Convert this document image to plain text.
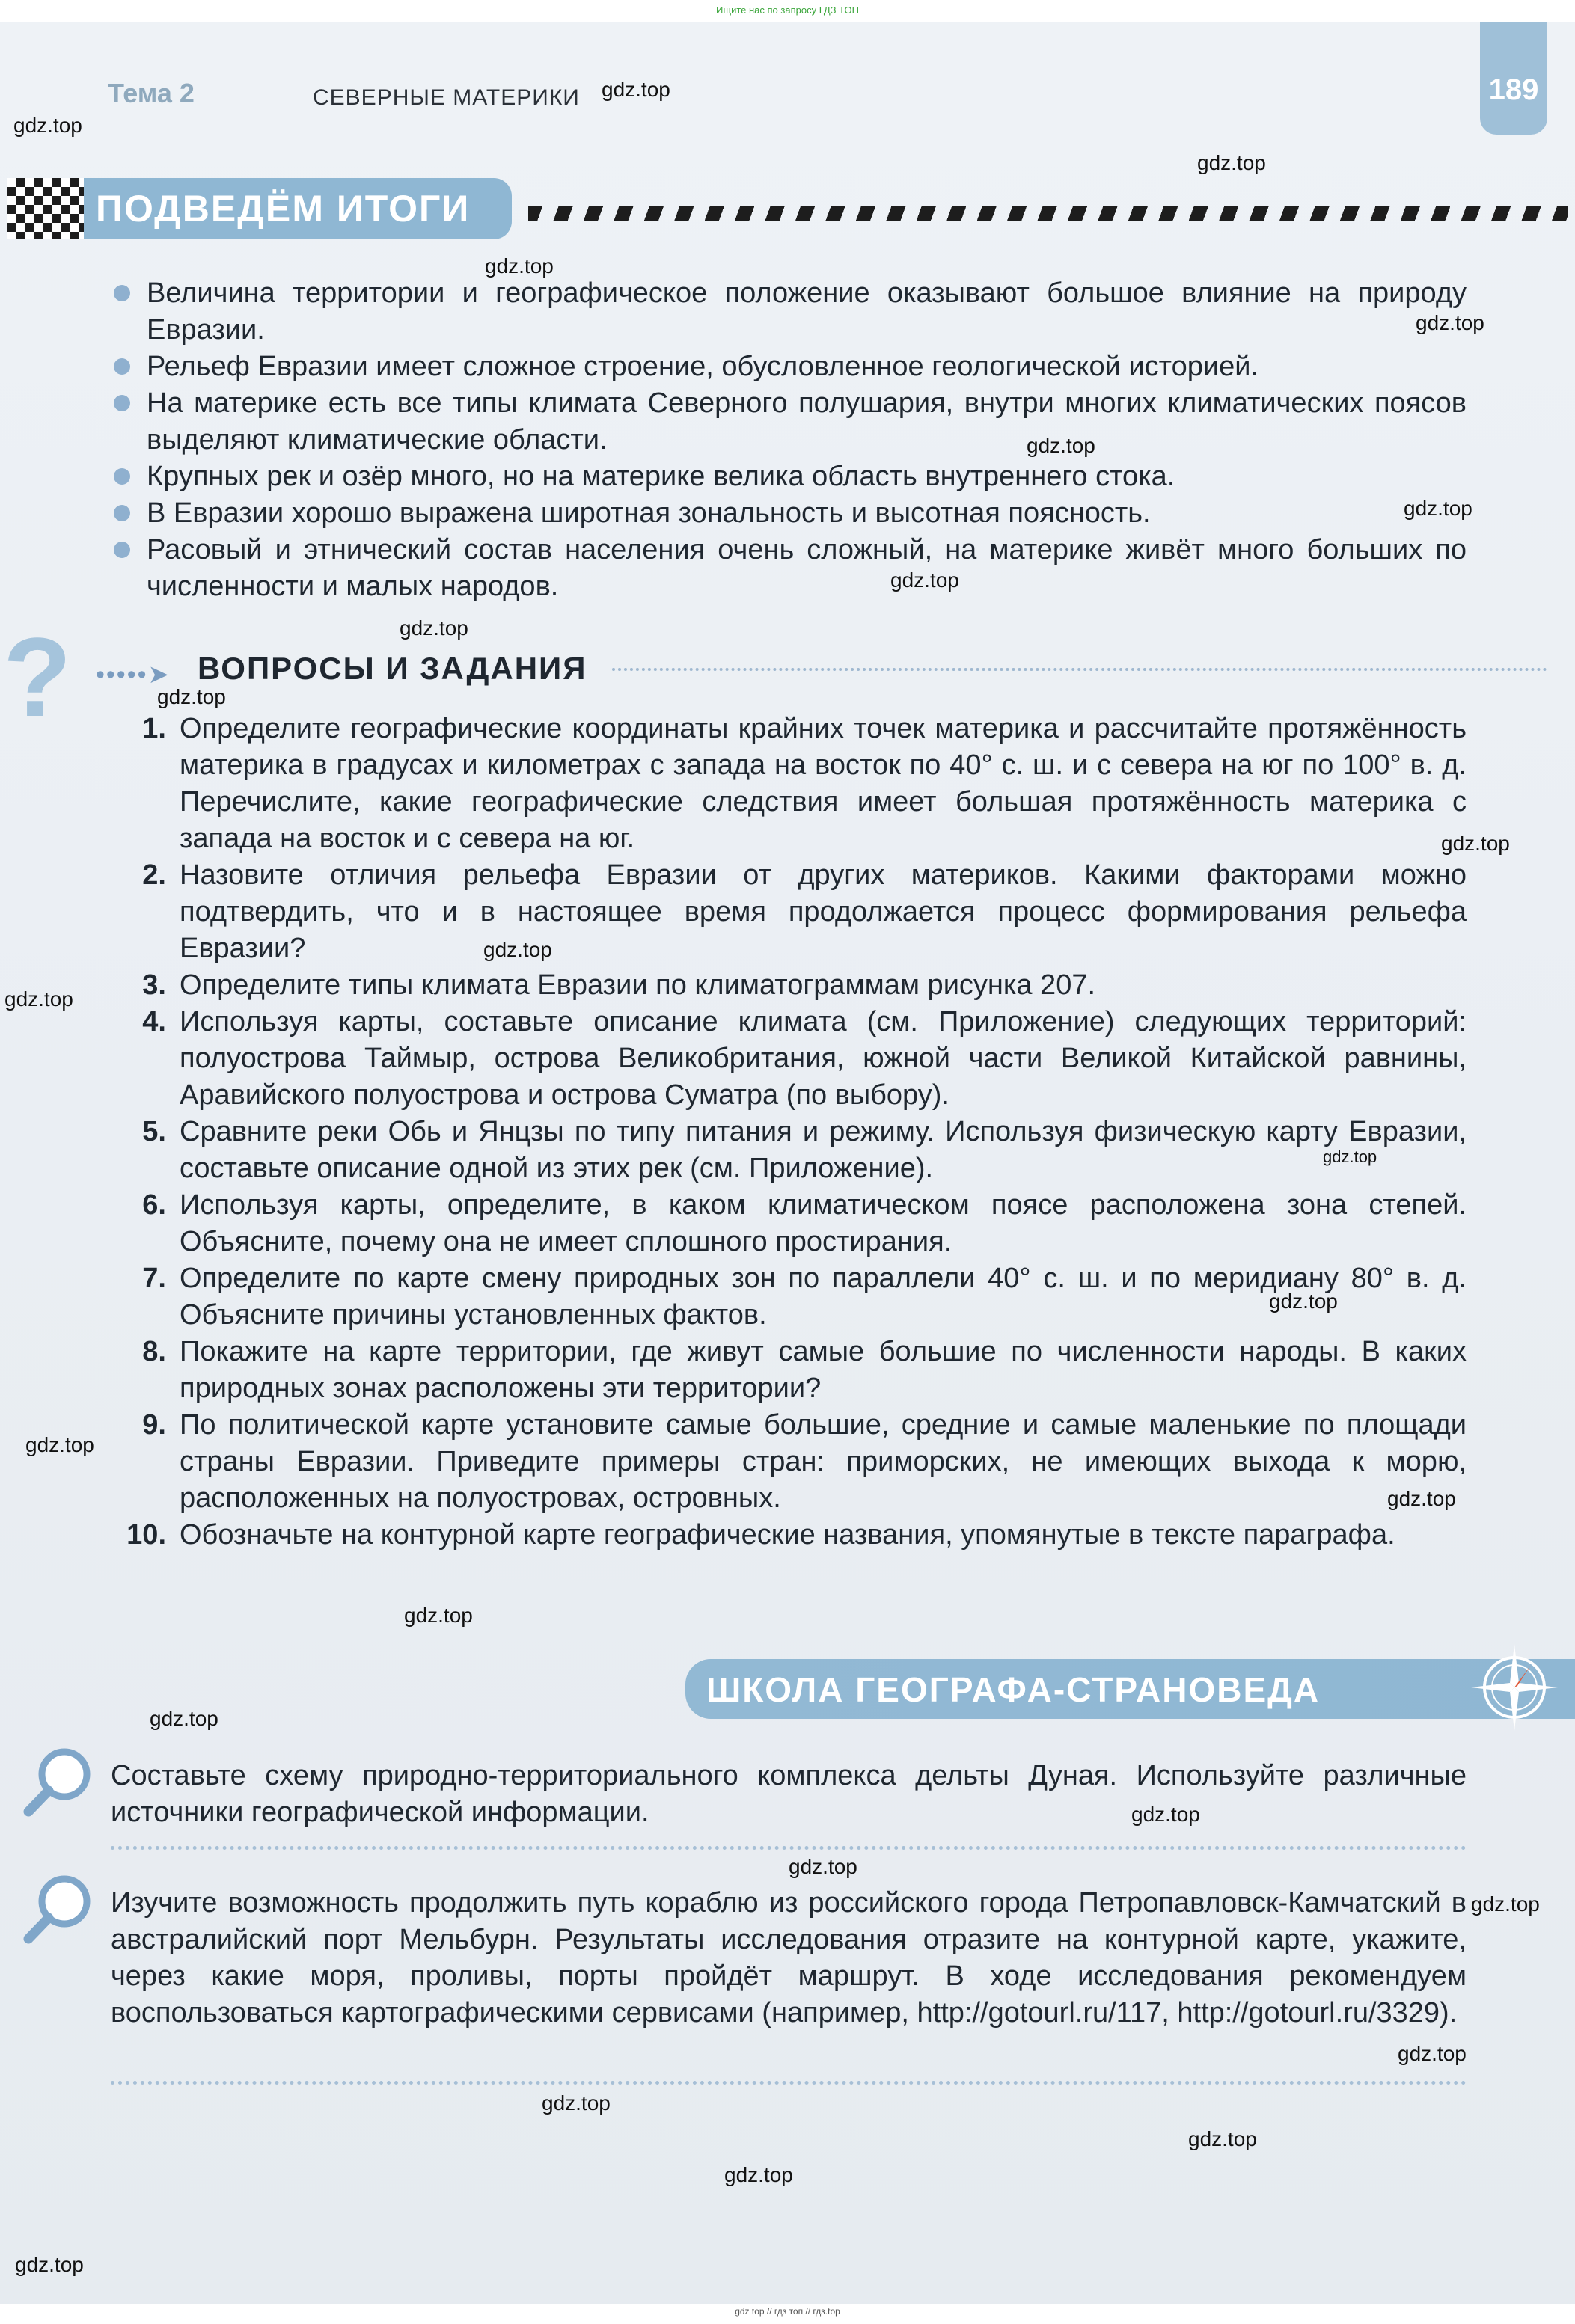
Ищите нас по запросу ГДЗ ТОП
189
Тема 2	СЕВЕРНЫЕ МАТЕРИКИ
ПОДВЕДЁМ ИТОГИ
Величина территории и географическое положение оказывают большое влияние на природу Евразии.
Рельеф Евразии имеет сложное строение, обусловленное геологической историей.
На материке есть все типы климата Северного полушария, внутри многих климатических поясов выделяют климатические области.
Крупных рек и озёр много, но на материке велика область внутреннего стока.
В Евразии хорошо выражена широтная зональность и высотная поясность.
Расовый и этнический состав населения очень сложный, на материке живёт много больших по численности и малых народов.
? •••••➤ ВОПРОСЫ И ЗАДАНИЯ
1. Определите географические координаты крайних точек материка и рассчитайте протяжённость материка в градусах и километрах с запада на восток по 40° с. ш. и с севера на юг по 100° в. д. Перечислите, какие географические следствия имеет большая протяжённость материка с запада на восток и с севера на юг.
2. Назовите отличия рельефа Евразии от других материков. Какими факторами можно подтвердить, что и в настоящее время продолжается процесс формирования рельефа Евразии?
3. Определите типы климата Евразии по климатограммам рисунка 207.
4. Используя карты, составьте описание климата (см. Приложение) следующих территорий: полуострова Таймыр, острова Великобритания, южной части Великой Китайской равнины, Аравийского полуострова и острова Суматра (по выбору).
5. Сравните реки Обь и Янцзы по типу питания и режиму. Используя физическую карту Евразии, составьте описание одной из этих рек (см. Приложение).
6. Используя карты, определите, в каком климатическом поясе расположена зона степей. Объясните, почему она не имеет сплошного простирания.
7. Определите по карте смену природных зон по параллели 40° с. ш. и по меридиану 80° в. д. Объясните причины установленных фактов.
8. Покажите на карте территории, где живут самые большие по численности народы. В каких природных зонах расположены эти территории?
9. По политической карте установите самые большие, средние и самые маленькие по площади страны Евразии. Приведите примеры стран: приморских, не имеющих выхода к морю, расположенных на полуостровах, островных.
10. Обозначьте на контурной карте географические названия, упомянутые в тексте параграфа.
ШКОЛА ГЕОГРАФА-СТРАНОВЕДА
Составьте схему природно-территориального комплекса дельты Дуная. Используйте различные источники географической информации.
Изучите возможность продолжить путь кораблю из российского города Петропавловск-Камчатский в австралийский порт Мельбурн. Результаты исследования отразите на контурной карте, укажите, через какие моря, проливы, порты пройдёт маршрут. В ходе исследования рекомендуем воспользоваться картографическими сервисами (например, http://gotourl.ru/117, http://gotourl.ru/3329).
gdz.top
gdz.top
gdz.top
gdz.top
gdz.top
gdz.top
gdz.top
gdz.top
gdz.top
gdz.top
gdz.top
gdz.top
gdz.top
gdz.top
gdz.top
gdz.top
gdz.top
gdz.top
gdz.top
gdz.top
gdz.top
gdz.top
gdz.top
gdz.top
gdz.top
gdz.top
gdz.top
gdz top // гдз топ // гдз.top
